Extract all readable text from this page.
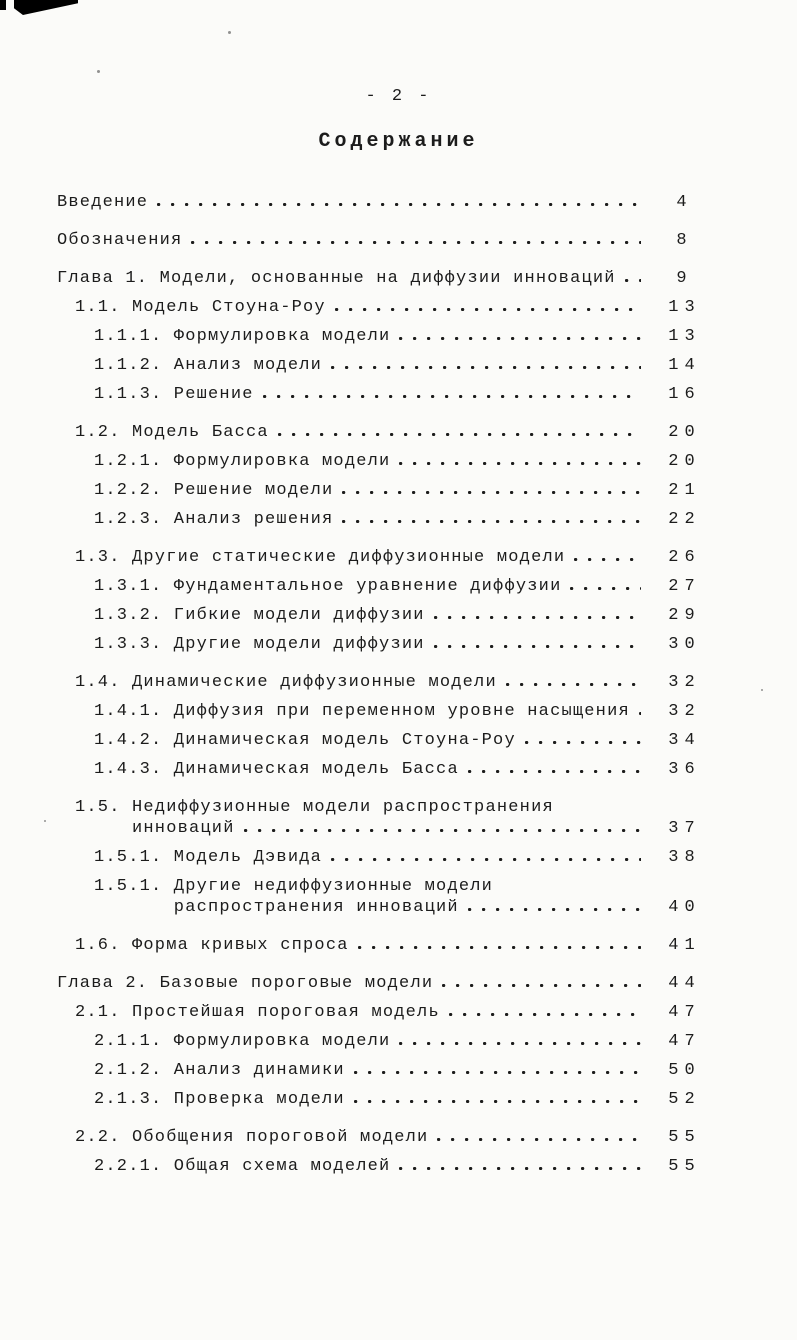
- 2 -
Содержание
Введение	4
Обозначения	8
Глава 1. Модели, основанные на диффузии инноваций	9
1.1. Модель Стоуна-Роу	13
1.1.1. Формулировка модели	13
1.1.2. Анализ модели	14
1.1.3. Решение	16
1.2. Модель Басса	20
1.2.1. Формулировка модели	20
1.2.2. Решение модели	21
1.2.3. Анализ решения	22
1.3. Другие статические диффузионные модели	26
1.3.1. Фундаментальное уравнение диффузии	27
1.3.2. Гибкие модели диффузии	29
1.3.3. Другие модели диффузии	30
1.4. Динамические диффузионные модели	32
1.4.1. Диффузия при переменном уровне насыщения	32
1.4.2. Динамическая модель Стоуна-Роу	34
1.4.3. Динамическая модель Басса	36
1.5. Недиффузионные модели распространения
инноваций	37
1.5.1. Модель Дэвида	38
1.5.1. Другие недиффузионные модели
распространения инноваций	40
1.6. Форма кривых спроса	41
Глава 2. Базовые пороговые модели	44
2.1. Простейшая пороговая модель	47
2.1.1. Формулировка модели	47
2.1.2. Анализ динамики	50
2.1.3. Проверка модели	52
2.2. Обобщения пороговой модели	55
2.2.1. Общая схема моделей	55
